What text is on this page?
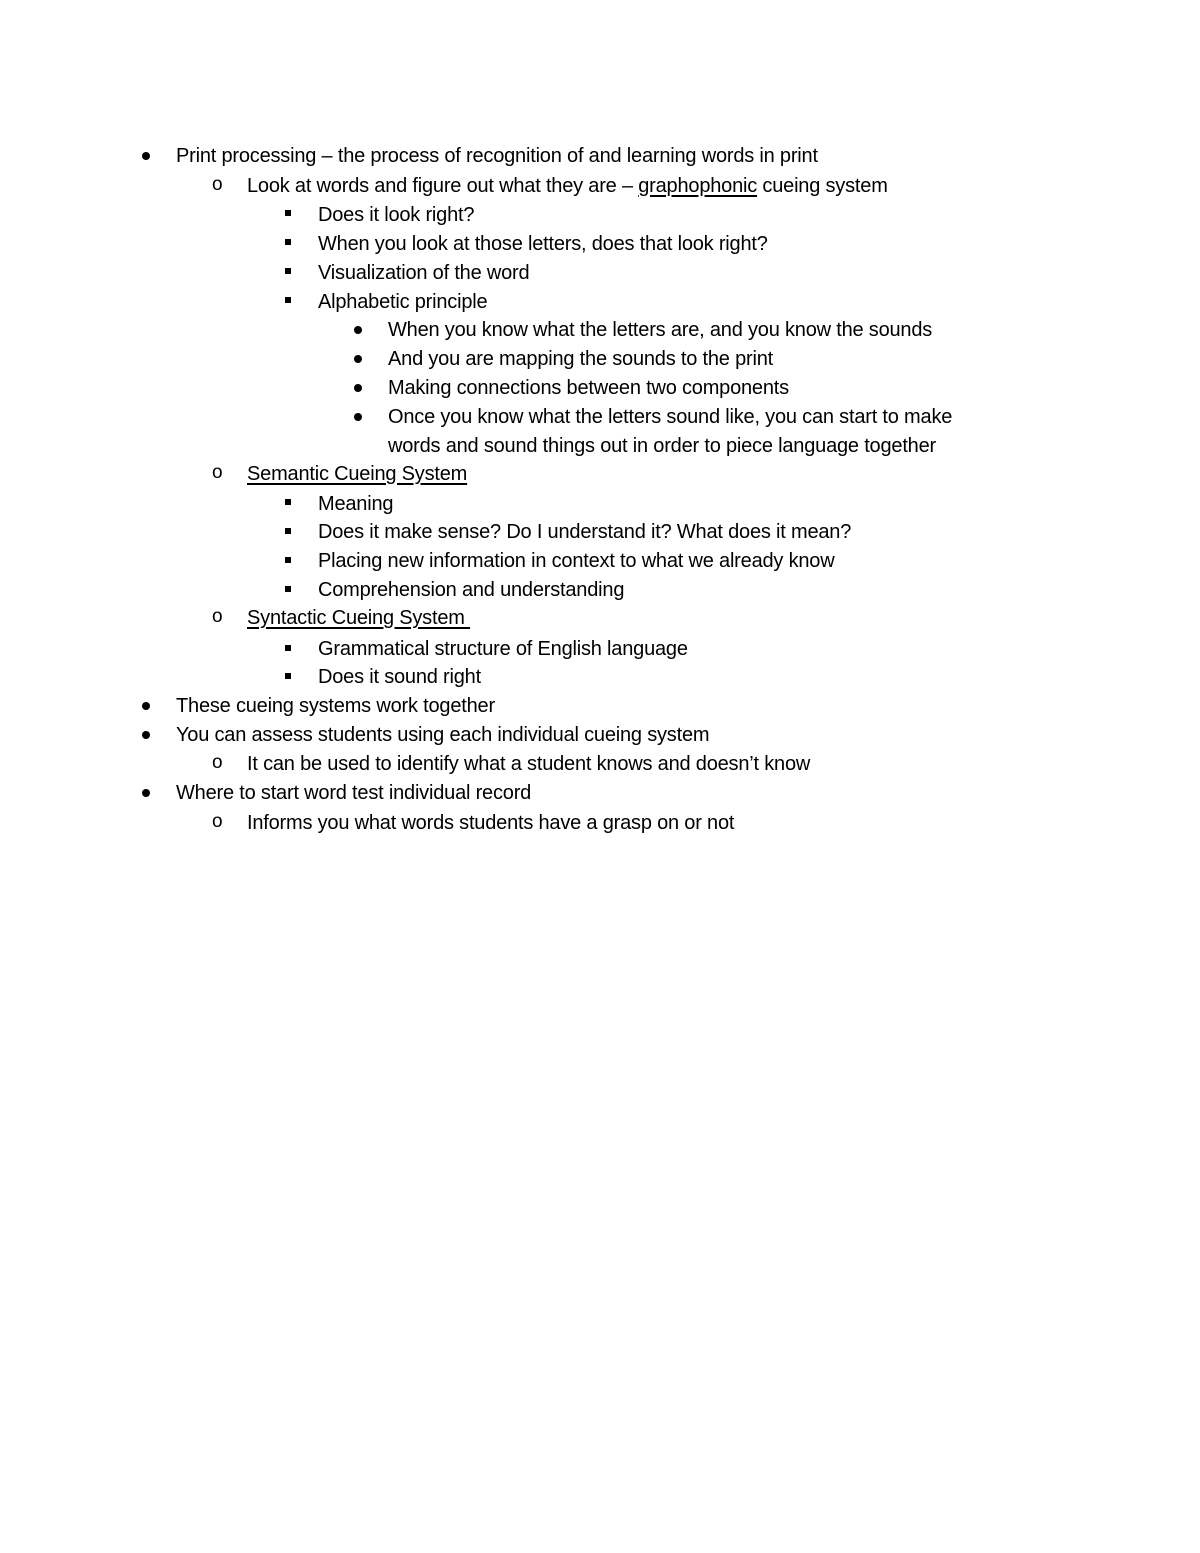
Print processing – the process of recognition of and learning words in print
o Look at words and figure out what they are – graphophonic cueing system
Does it look right?
When you look at those letters, does that look right?
Visualization of the word
Alphabetic principle
When you know what the letters are, and you know the sounds
And you are mapping the sounds to the print
Making connections between two components
Once you know what the letters sound like, you can start to make
words and sound things out in order to piece language together
o Semantic Cueing System
Meaning
Does it make sense? Do I understand it? What does it mean?
Placing new information in context to what we already know
Comprehension and understanding
o Syntactic Cueing System
Grammatical structure of English language
Does it sound right
These cueing systems work together
You can assess students using each individual cueing system
o It can be used to identify what a student knows and doesn’t know
Where to start word test individual record
o Informs you what words students have a grasp on or not
